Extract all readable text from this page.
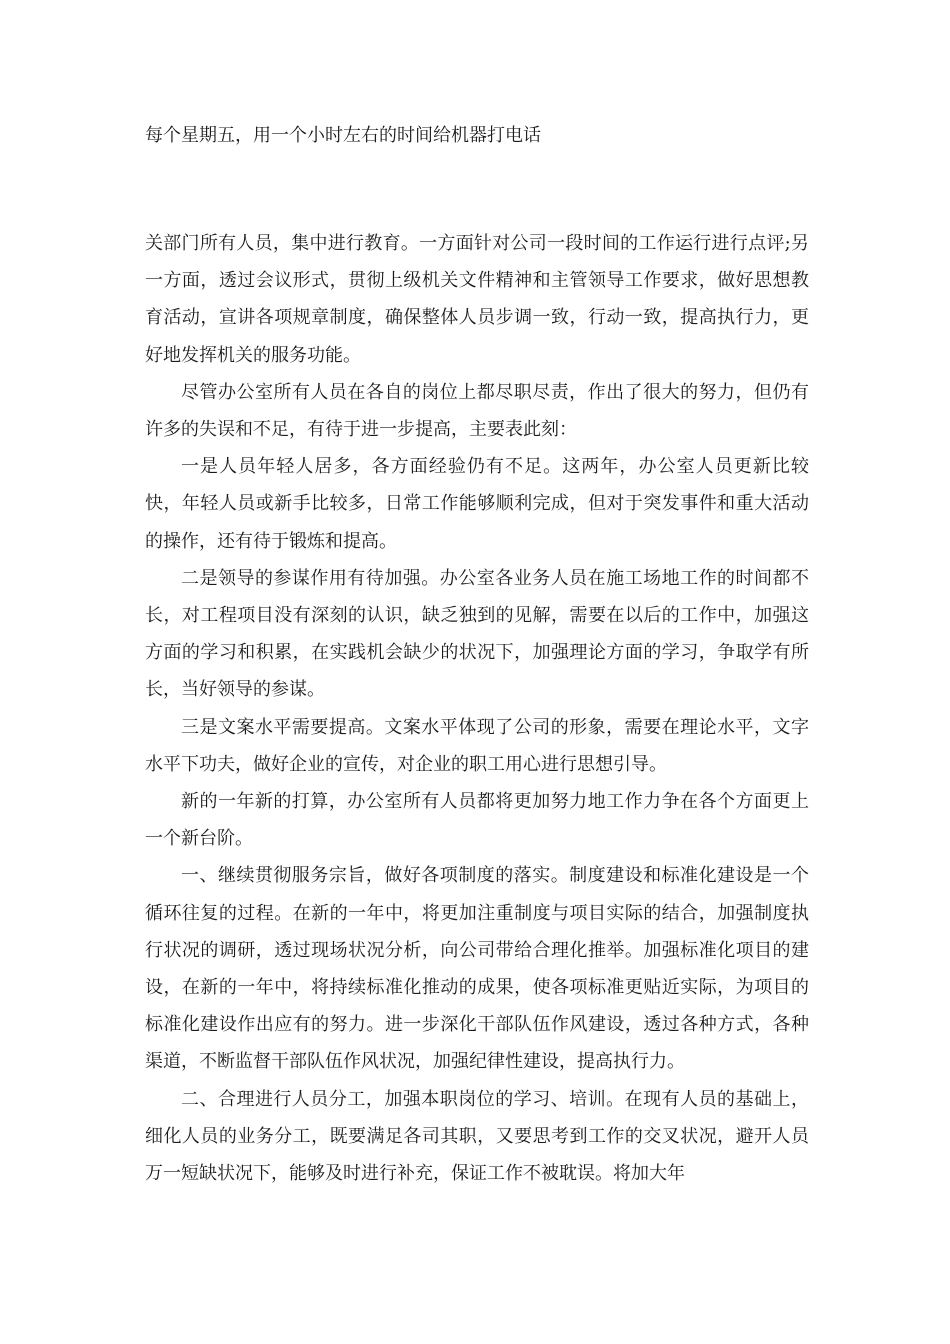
每个星期五，用一个小时左右的时间给机器打电话

关部门所有人员，集中进行教育。一方面针对公司一段时间的工作运行进行点评;另一方面，透过会议形式，贯彻上级机关文件精神和主管领导工作要求，做好思想教育活动，宣讲各项规章制度，确保整体人员步调一致，行动一致，提高执行力，更好地发挥机关的服务功能。

尽管办公室所有人员在各自的岗位上都尽职尽责，作出了很大的努力，但仍有许多的失误和不足，有待于进一步提高，主要表此刻：

一是人员年轻人居多，各方面经验仍有不足。这两年，办公室人员更新比较快，年轻人员或新手比较多，日常工作能够顺利完成，但对于突发事件和重大活动的操作，还有待于锻炼和提高。

二是领导的参谋作用有待加强。办公室各业务人员在施工场地工作的时间都不长，对工程项目没有深刻的认识，缺乏独到的见解，需要在以后的工作中，加强这方面的学习和积累，在实践机会缺少的状况下，加强理论方面的学习，争取学有所长，当好领导的参谋。

三是文案水平需要提高。文案水平体现了公司的形象，需要在理论水平，文字水平下功夫，做好企业的宣传，对企业的职工用心进行思想引导。

新的一年新的打算，办公室所有人员都将更加努力地工作力争在各个方面更上一个新台阶。

一、继续贯彻服务宗旨，做好各项制度的落实。制度建设和标准化建设是一个循环往复的过程。在新的一年中，将更加注重制度与项目实际的结合，加强制度执行状况的调研，透过现场状况分析，向公司带给合理化推举。加强标准化项目的建设，在新的一年中，将持续标准化推动的成果，使各项标准更贴近实际，为项目的标准化建设作出应有的努力。进一步深化干部队伍作风建设，透过各种方式，各种渠道，不断监督干部队伍作风状况，加强纪律性建设，提高执行力。

二、合理进行人员分工，加强本职岗位的学习、培训。在现有人员的基础上，细化人员的业务分工，既要满足各司其职，又要思考到工作的交叉状况，避开人员万一短缺状况下，能够及时进行补充，保证工作不被耽误。将加大年
